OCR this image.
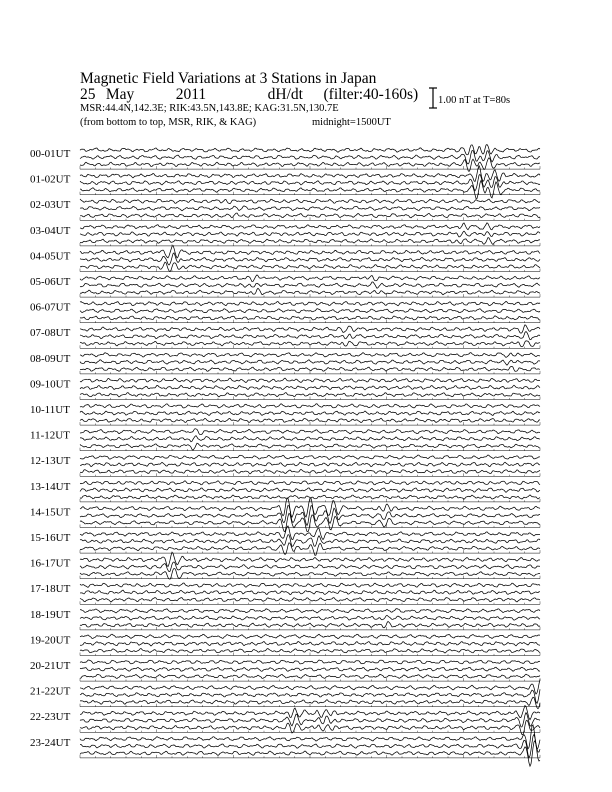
Magnetic Field Variations at 3 Stations in Japan
25 May	2011	dH/dt (filter:40-160s)
MSR:44.4N,142.3E; RIK:43.5N,143.8E; KAG:31.5N,130.7E
(from bottom to top, MSR, RIK, & KAG)	midnight=1500UT
1.00 nT at T=80s
00-01UT
01-02UT
02-03UT
03-04UT
04-05UT
05-06UT
06-07UT
07-08UT
08-09UT
09-10UT
10-11UT
11-12UT
12-13UT
13-14UT
14-15UT
15-16UT
16-17UT
17-18UT
18-19UT
19-20UT
20-21UT
21-22UT
22-23UT
23-24UT
